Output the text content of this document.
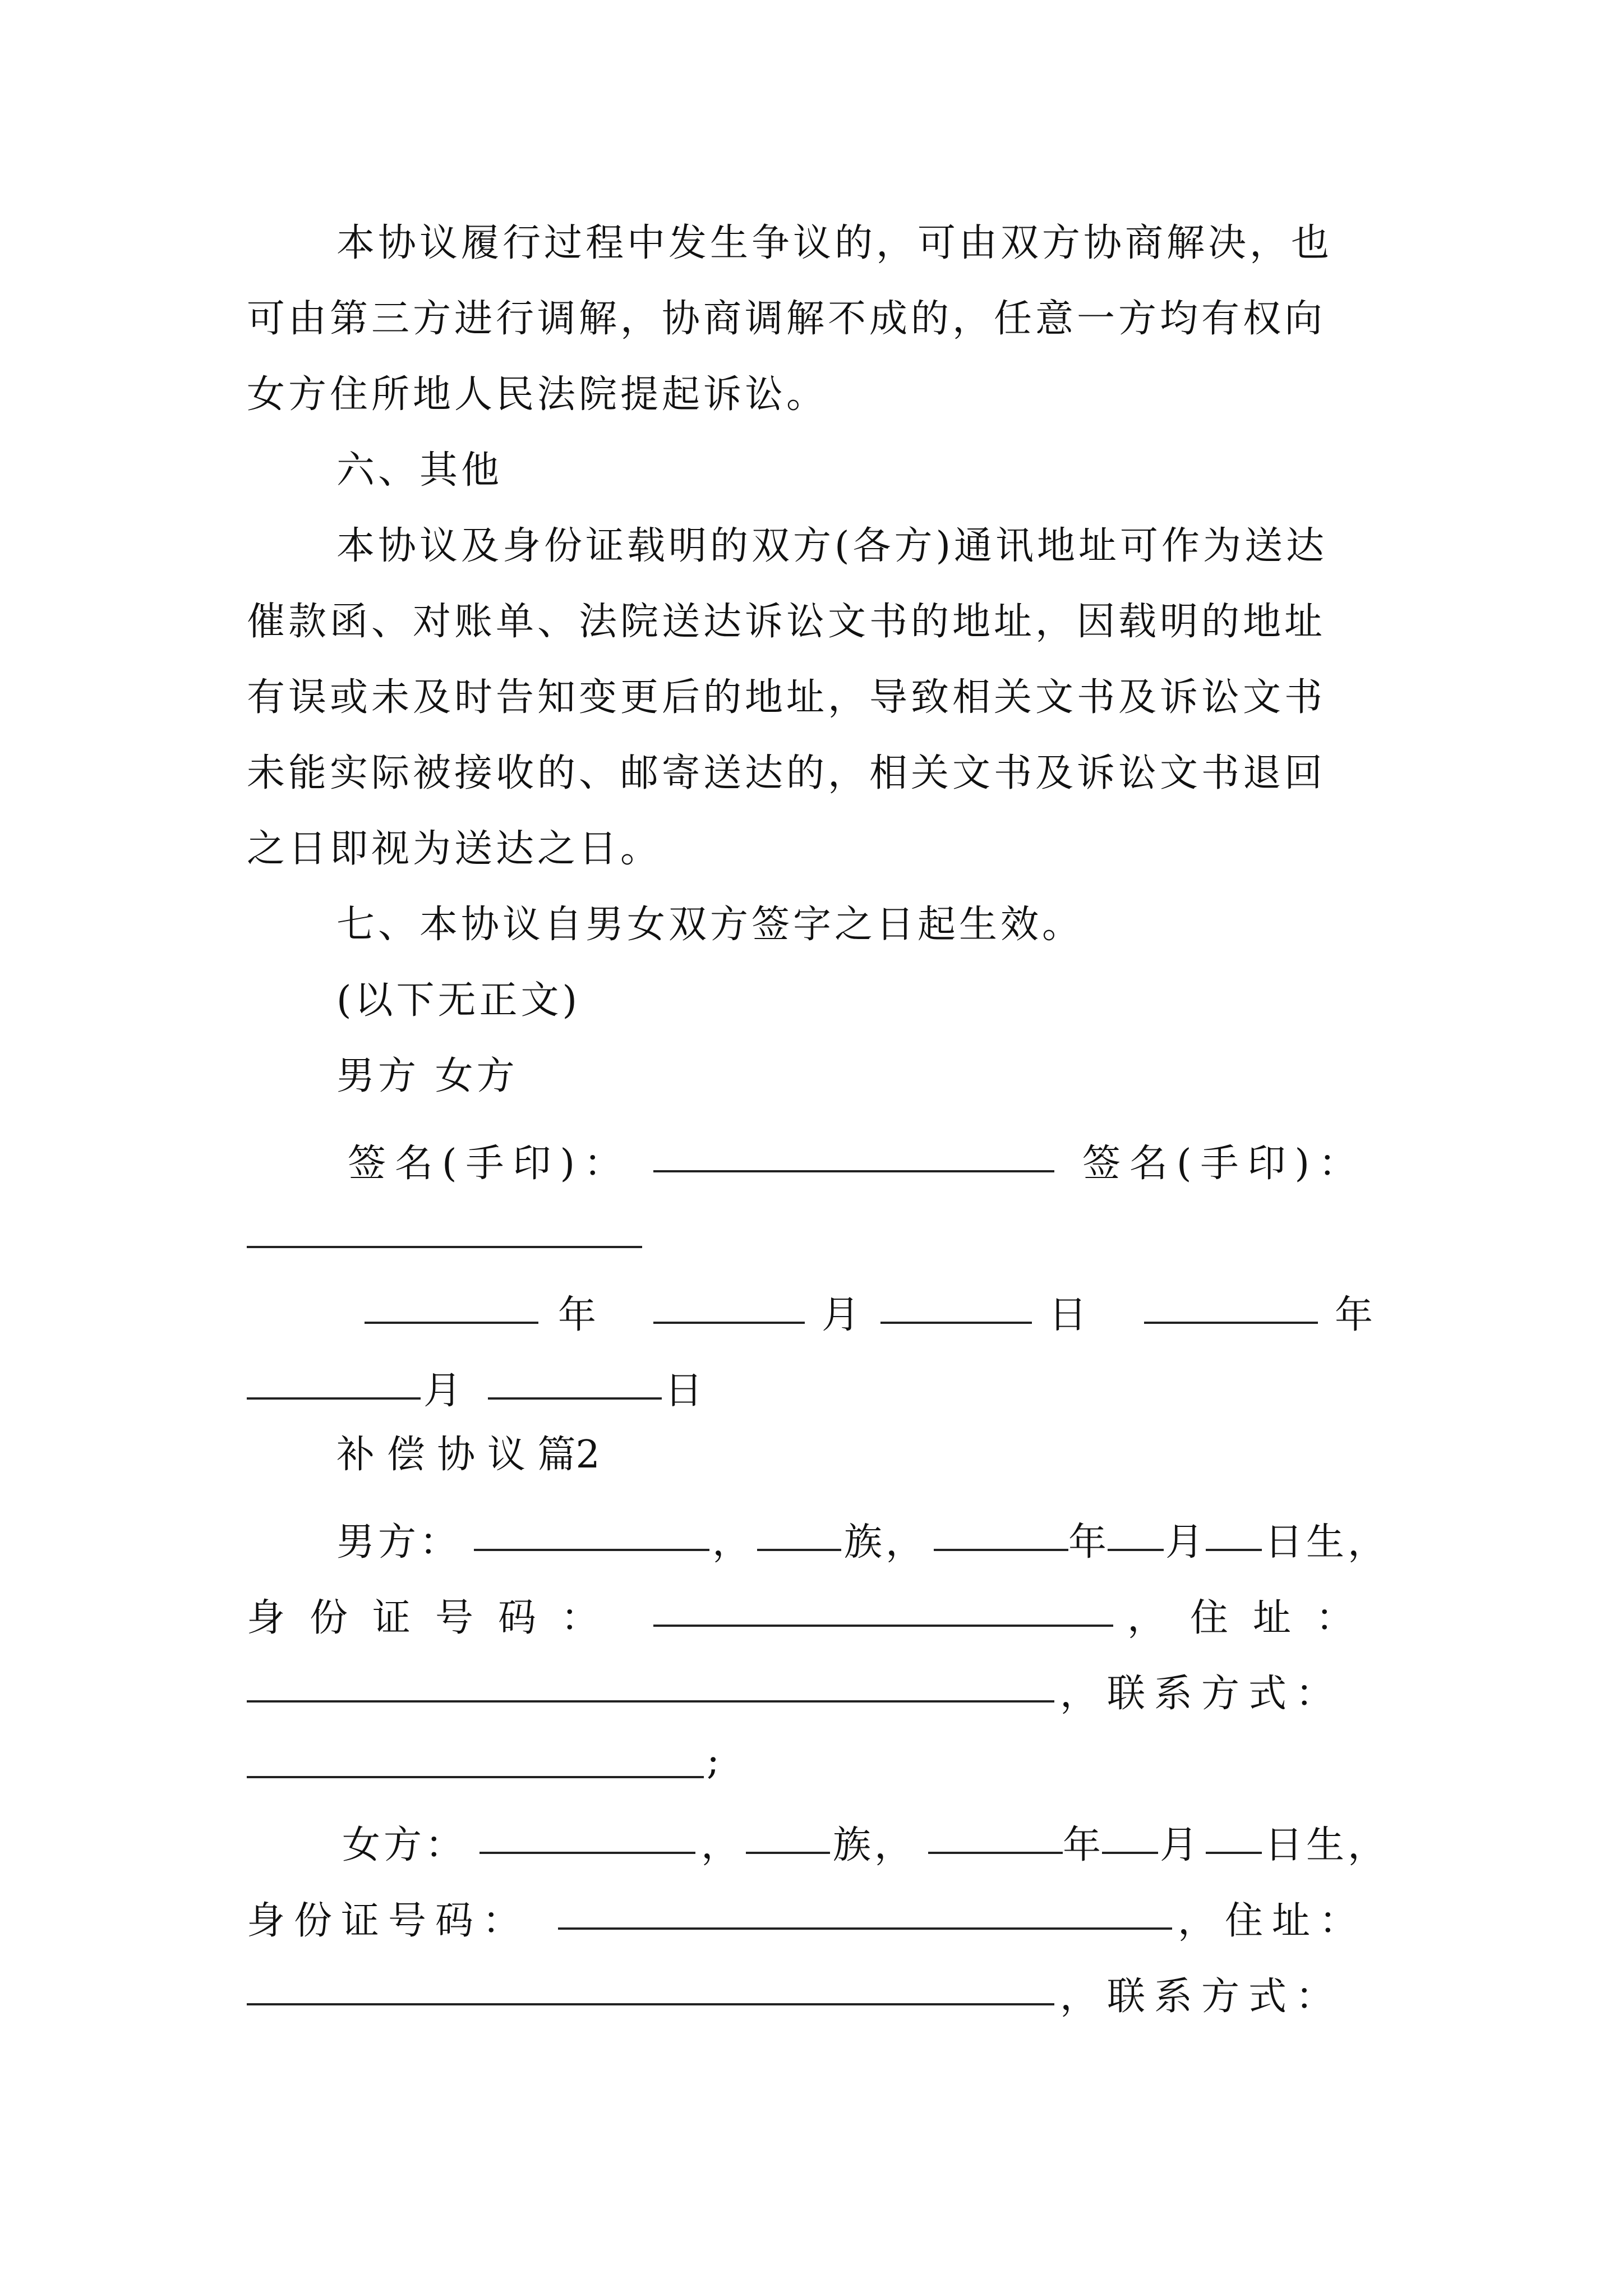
本协议履行过程中发生争议的，可由双方协商解决，也
可由第三方进行调解，协商调解不成的，任意一方均有权向
女方住所地人民法院提起诉讼。
六、其他
本协议及身份证载明的双方(各方)通讯地址可作为送达
催款函、对账单、法院送达诉讼文书的地址，因载明的地址
有误或未及时告知变更后的地址，导致相关文书及诉讼文书
未能实际被接收的、邮寄送达的，相关文书及诉讼文书退回
之日即视为送达之日。
七、本协议自男女双方签字之日起生效。
(以下无正文)
男方 女方
签名(手印)：	签名(手印)：
年	月	日	年
月	日
补 偿 协 议 篇2
男方：	， 族，	年 月 日生，
身份证号码：	，住址：
，联系方式：
;
女方：	， 族，	年 月 日生，
身份证号码：	，住址：
，联系方式：
